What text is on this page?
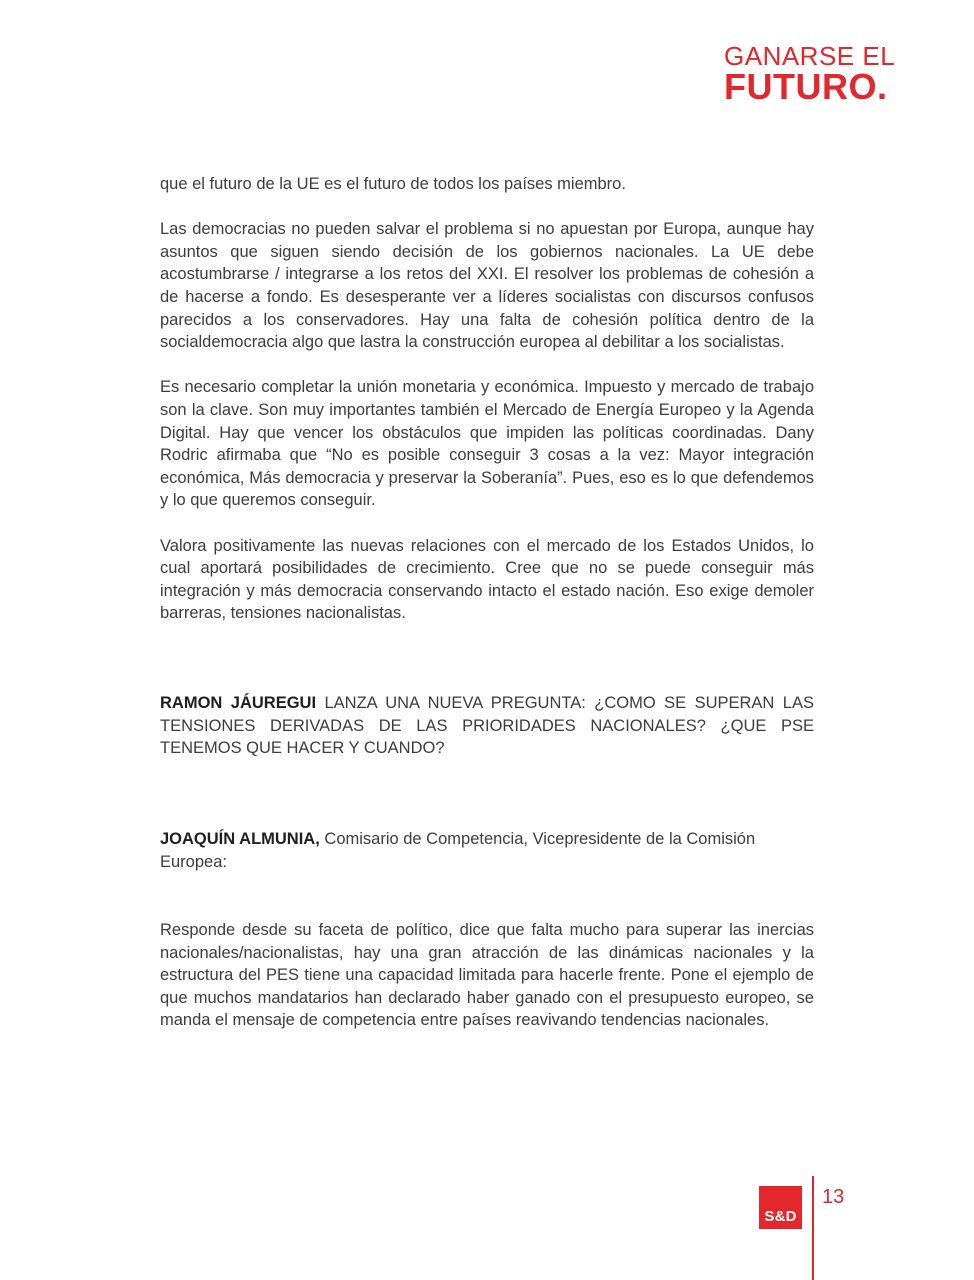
GANARSE EL
FUTURO.

que el futuro de la UE es el futuro de todos los países miembro.

Las democracias no pueden salvar el problema si no apuestan por Europa, aunque hay asuntos que siguen siendo decisión de los gobiernos nacionales. La UE debe acostumbrarse / integrarse a los retos del XXI. El resolver los problemas de cohesión a de hacerse a fondo. Es desesperante ver a líderes socialistas con discursos confusos parecidos a los conservadores. Hay una falta de cohesión política dentro de la socialdemocracia algo que lastra la construcción europea al debilitar a los socialistas.

Es necesario completar la unión monetaria y económica. Impuesto y mercado de trabajo son la clave. Son muy importantes también el Mercado de Energía Europeo y la Agenda Digital. Hay que vencer los obstáculos que impiden las políticas coordinadas. Dany Rodric afirmaba que “No es posible conseguir 3 cosas a la vez: Mayor integración económica, Más democracia y preservar la Soberanía”. Pues, eso es lo que defendemos y lo que queremos conseguir.

Valora positivamente las nuevas relaciones con el mercado de los Estados Unidos, lo cual aportará posibilidades de crecimiento. Cree que no se puede conseguir más integración y más democracia conservando intacto el estado nación. Eso exige demoler barreras, tensiones nacionalistas.

RAMON JÁUREGUI LANZA UNA NUEVA PREGUNTA: ¿COMO SE SUPERAN LAS TENSIONES DERIVADAS DE LAS PRIORIDADES NACIONALES? ¿QUE PSE TENEMOS QUE HACER Y CUANDO?
JOAQUÍN ALMUNIA, Comisario de Competencia, Vicepresidente de la Comisión Europea:
Responde desde su faceta de político, dice que falta mucho para superar las inercias nacionales/nacionalistas, hay una gran atracción de las dinámicas nacionales y la estructura del PES tiene una capacidad limitada para hacerle frente. Pone el ejemplo de que muchos mandatarios han declarado haber ganado con el presupuesto europeo, se manda el mensaje de competencia entre países reavivando tendencias nacionales.
S&D
13
